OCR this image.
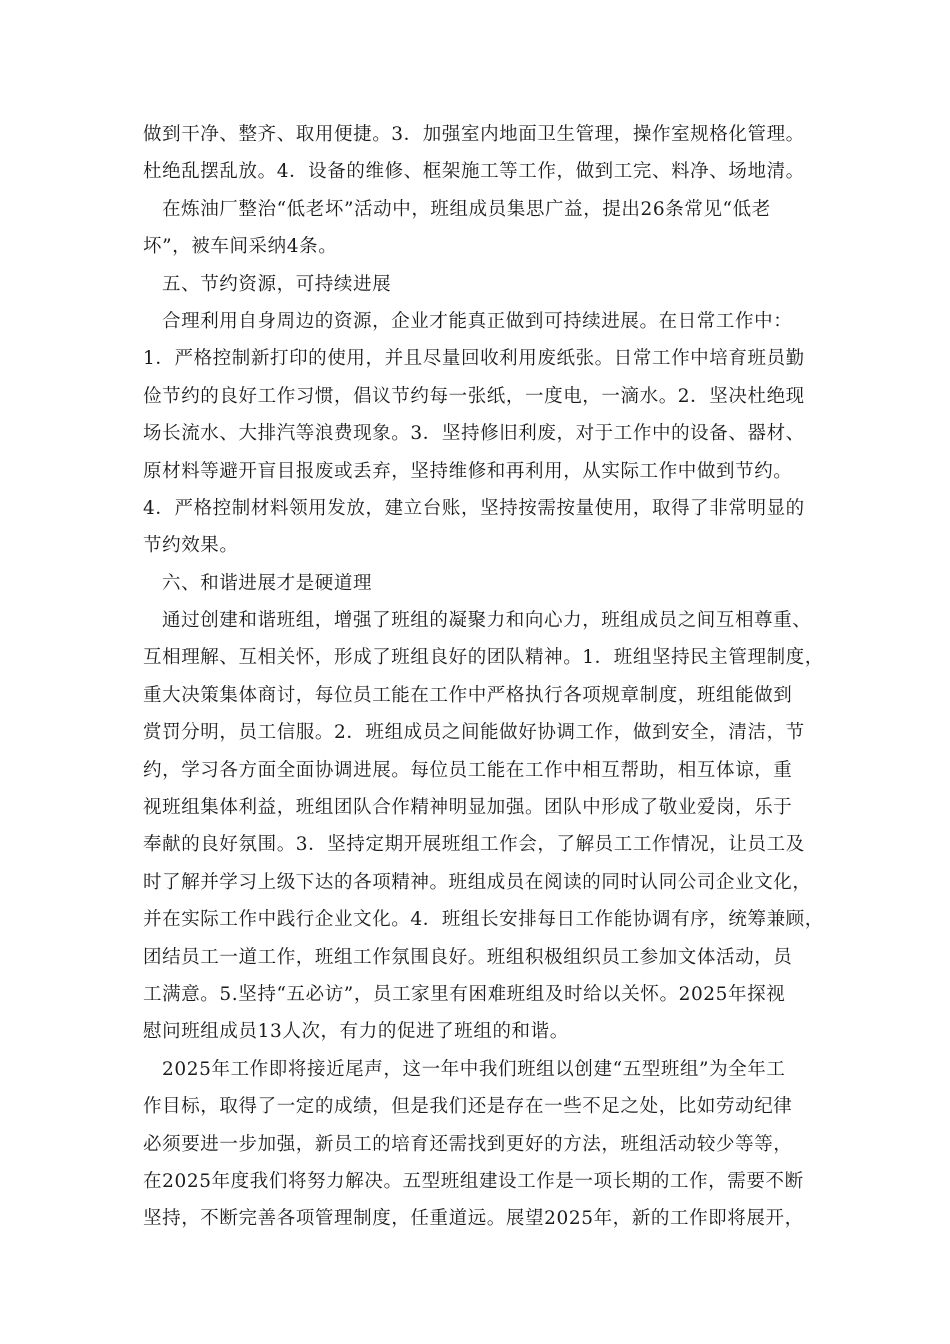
做到干净、整齐、取用便捷。3．加强室内地面卫生管理，操作室规格化管理。
杜绝乱摆乱放。4．设备的维修、框架施工等工作，做到工完、料净、场地清。
在炼油厂整治“低老坏”活动中，班组成员集思广益，提出26条常见“低老
坏”，被车间采纳4条。
五、节约资源，可持续进展
合理利用自身周边的资源，企业才能真正做到可持续进展。在日常工作中：
1．严格控制新打印的使用，并且尽量回收利用废纸张。日常工作中培育班员勤
俭节约的良好工作习惯，倡议节约每一张纸，一度电，一滴水。2．坚决杜绝现
场长流水、大排汽等浪费现象。3．坚持修旧利废，对于工作中的设备、器材、
原材料等避开盲目报废或丢弃，坚持维修和再利用，从实际工作中做到节约。
4．严格控制材料领用发放，建立台账，坚持按需按量使用，取得了非常明显的
节约效果。
六、和谐进展才是硬道理
通过创建和谐班组，增强了班组的凝聚力和向心力，班组成员之间互相尊重、
互相理解、互相关怀，形成了班组良好的团队精神。1．班组坚持民主管理制度，
重大决策集体商讨，每位员工能在工作中严格执行各项规章制度，班组能做到
赏罚分明，员工信服。2．班组成员之间能做好协调工作，做到安全，清洁，节
约，学习各方面全面协调进展。每位员工能在工作中相互帮助，相互体谅，重
视班组集体利益，班组团队合作精神明显加强。团队中形成了敬业爱岗，乐于
奉献的良好氛围。3．坚持定期开展班组工作会，了解员工工作情况，让员工及
时了解并学习上级下达的各项精神。班组成员在阅读的同时认同公司企业文化，
并在实际工作中践行企业文化。4．班组长安排每日工作能协调有序，统筹兼顾，
团结员工一道工作，班组工作氛围良好。班组积极组织员工参加文体活动，员
工满意。5.坚持“五必访”，员工家里有困难班组及时给以关怀。2025年探视
慰问班组成员13人次，有力的促进了班组的和谐。
2025年工作即将接近尾声，这一年中我们班组以创建“五型班组”为全年工
作目标，取得了一定的成绩，但是我们还是存在一些不足之处，比如劳动纪律
必须要进一步加强，新员工的培育还需找到更好的方法，班组活动较少等等，
在2025年度我们将努力解决。五型班组建设工作是一项长期的工作，需要不断
坚持，不断完善各项管理制度，任重道远。展望2025年，新的工作即将展开，
